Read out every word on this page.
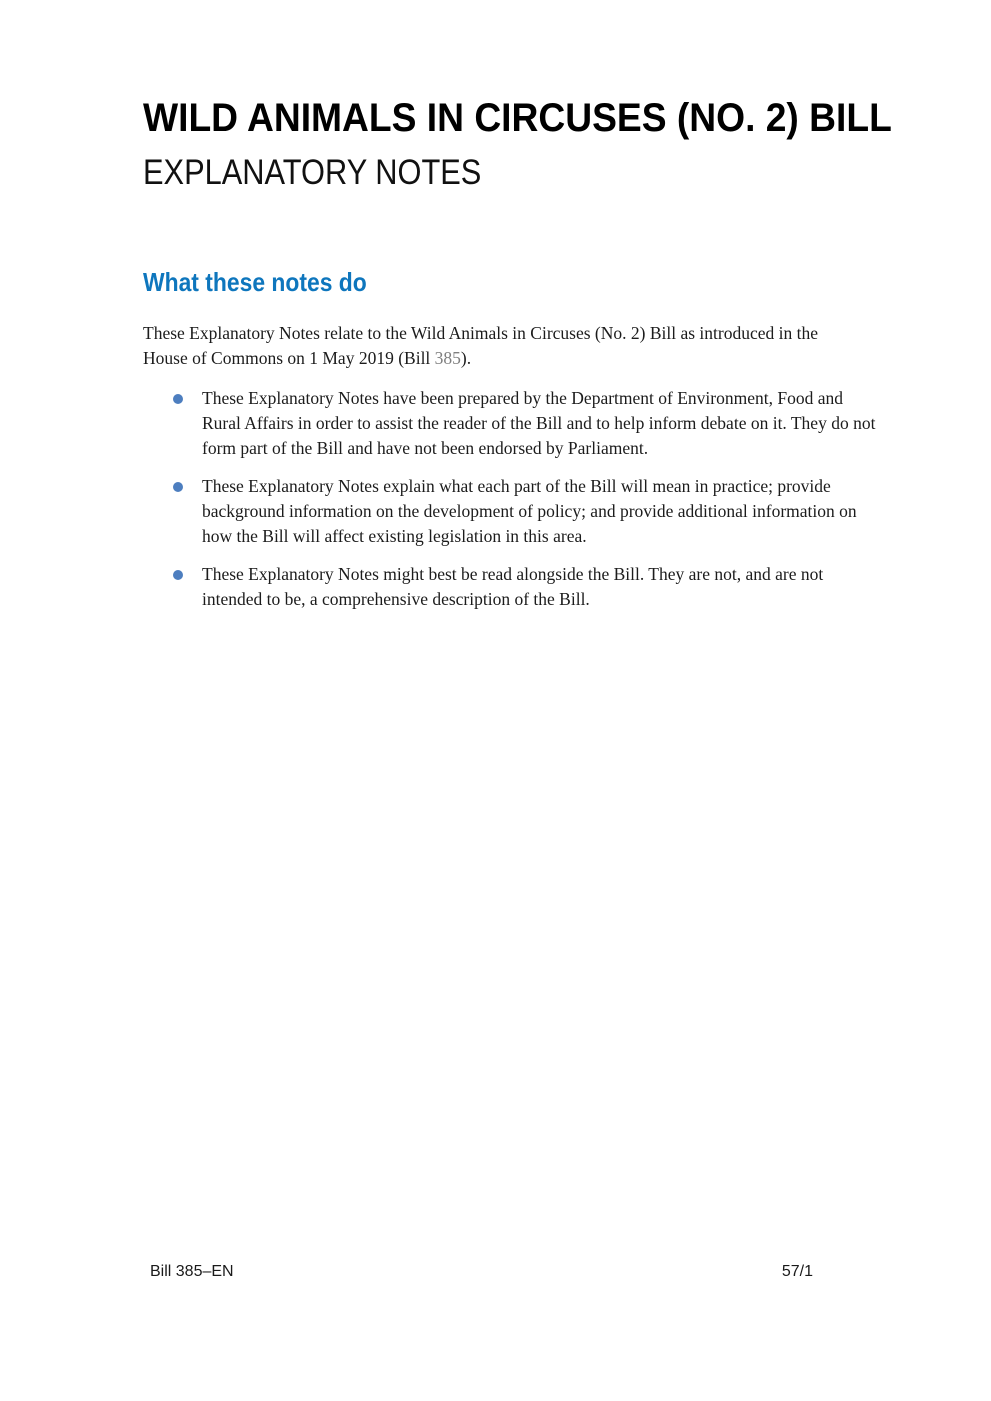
WILD ANIMALS IN CIRCUSES (NO. 2) BILL
EXPLANATORY NOTES
What these notes do

These Explanatory Notes relate to the Wild Animals in Circuses (No. 2) Bill as introduced in the House of Commons on 1 May 2019 (Bill 385).

These Explanatory Notes have been prepared by the Department of Environment, Food and Rural Affairs in order to assist the reader of the Bill and to help inform debate on it. They do not form part of the Bill and have not been endorsed by Parliament.
These Explanatory Notes explain what each part of the Bill will mean in practice; provide background information on the development of policy; and provide additional information on how the Bill will affect existing legislation in this area.
These Explanatory Notes might best be read alongside the Bill. They are not, and are not intended to be, a comprehensive description of the Bill.
Bill 385–EN	57/1
